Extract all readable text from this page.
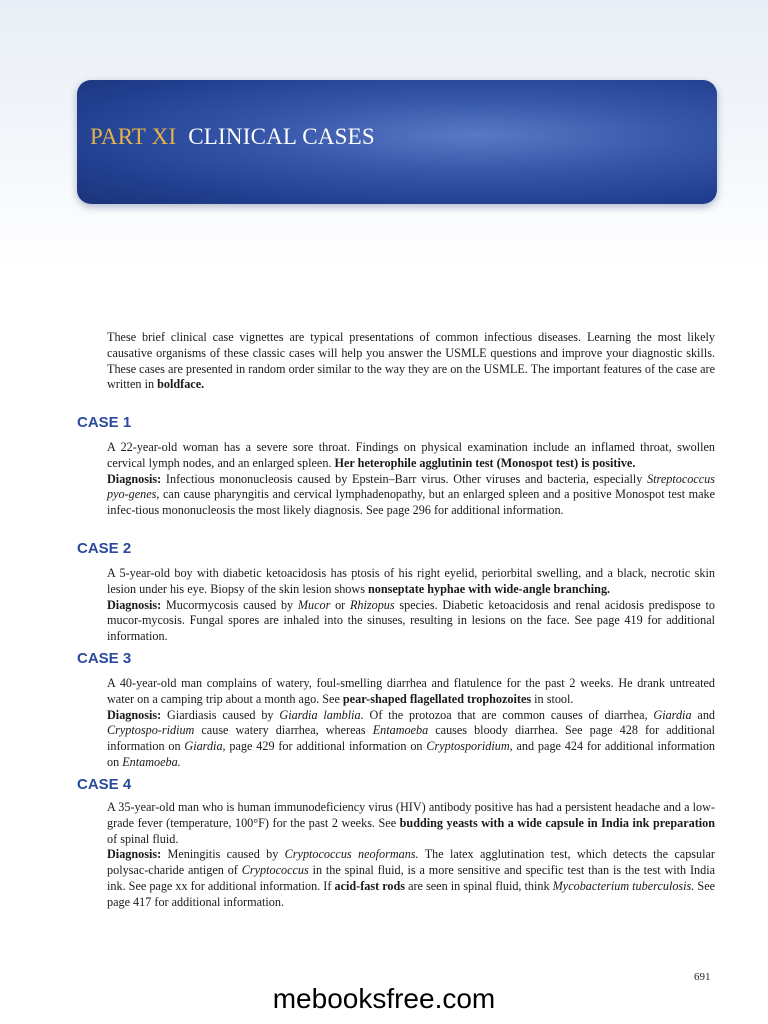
PART XI CLINICAL CASES

These brief clinical case vignettes are typical presentations of common infectious diseases. Learning the most likely causative organisms of these classic cases will help you answer the USMLE questions and improve your diagnostic skills. These cases are presented in random order similar to the way they are on the USMLE. The important features of the case are written in boldface.

CASE 1

A 22-year-old woman has a severe sore throat. Findings on physical examination include an inflamed throat, swollen cervical lymph nodes, and an enlarged spleen. Her heterophile agglutinin test (Monospot test) is positive.

Diagnosis: Infectious mononucleosis caused by Epstein–Barr virus. Other viruses and bacteria, especially Streptococcus pyo-genes, can cause pharyngitis and cervical lymphadenopathy, but an enlarged spleen and a positive Monospot test make infec-tious mononucleosis the most likely diagnosis. See page 296 for additional information.

CASE 2

A 5-year-old boy with diabetic ketoacidosis has ptosis of his right eyelid, periorbital swelling, and a black, necrotic skin lesion under his eye. Biopsy of the skin lesion shows nonseptate hyphae with wide-angle branching.

Diagnosis: Mucormycosis caused by Mucor or Rhizopus species. Diabetic ketoacidosis and renal acidosis predispose to mucor-mycosis. Fungal spores are inhaled into the sinuses, resulting in lesions on the face. See page 419 for additional information.

CASE 3

A 40-year-old man complains of watery, foul-smelling diarrhea and flatulence for the past 2 weeks. He drank untreated water on a camping trip about a month ago. See pear-shaped flagellated trophozoites in stool.

Diagnosis: Giardiasis caused by Giardia lamblia. Of the protozoa that are common causes of diarrhea, Giardia and Cryptospo-ridium cause watery diarrhea, whereas Entamoeba causes bloody diarrhea. See page 428 for additional information on Giardia, page 429 for additional information on Cryptosporidium, and page 424 for additional information on Entamoeba.

CASE 4

A 35-year-old man who is human immunodeficiency virus (HIV) antibody positive has had a persistent headache and a low-grade fever (temperature, 100°F) for the past 2 weeks. See budding yeasts with a wide capsule in India ink preparation of spinal fluid.

Diagnosis: Meningitis caused by Cryptococcus neoformans. The latex agglutination test, which detects the capsular polysac-charide antigen of Cryptococcus in the spinal fluid, is a more sensitive and specific test than is the test with India ink. See page xx for additional information. If acid-fast rods are seen in spinal fluid, think Mycobacterium tuberculosis. See page 417 for additional information.

691
mebooksfree.com
